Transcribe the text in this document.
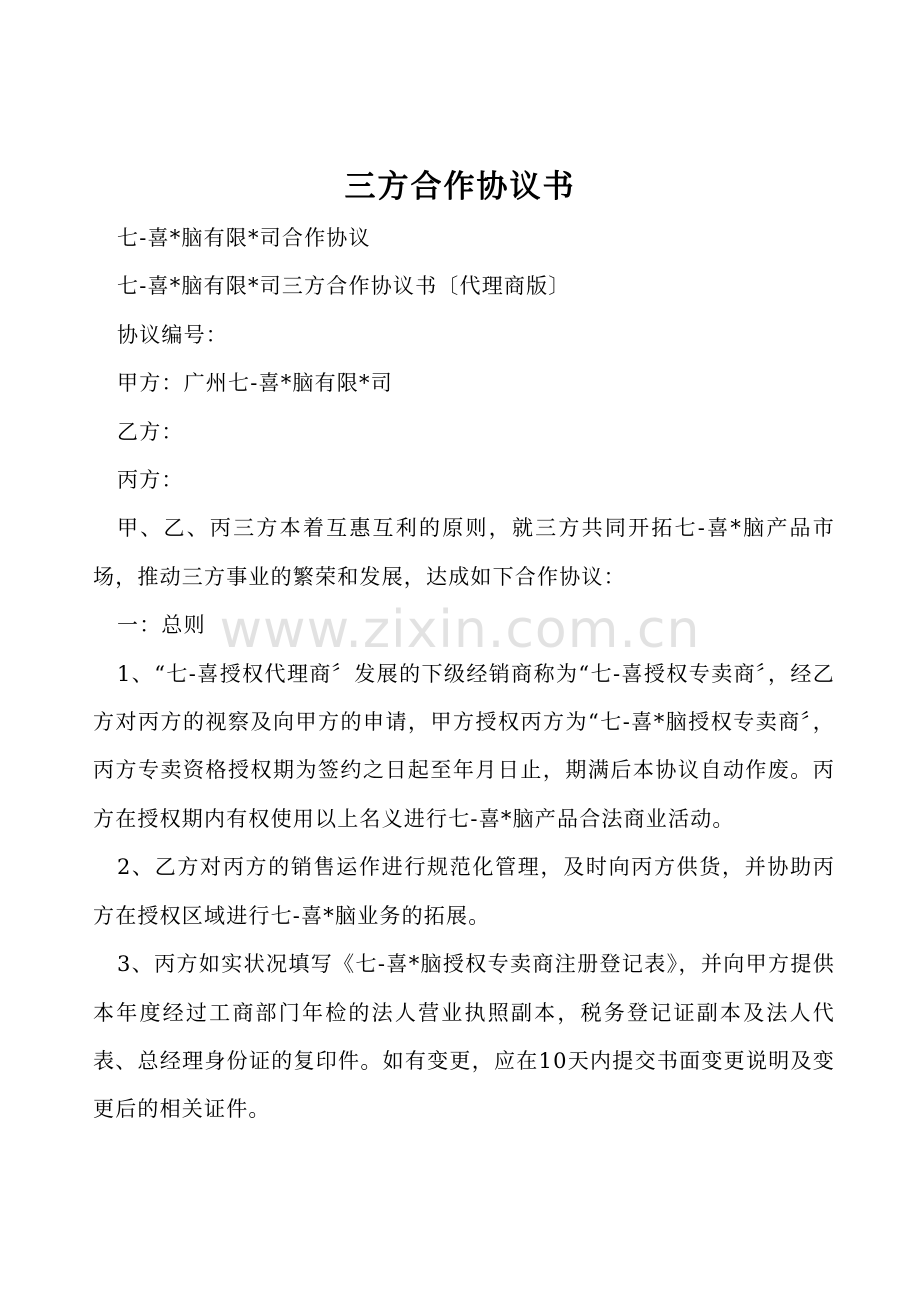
三方合作协议书

七-喜*脑有限*司合作协议

七-喜*脑有限*司三方合作协议书〔代理商版〕

协议编号：

甲方：广州七-喜*脑有限*司

乙方：

丙方：

甲、乙、丙三方本着互惠互利的原则，就三方共同开拓七-喜*脑产品市场，推动三方事业的繁荣和发展，达成如下合作协议：

一：总则

1、“七-喜授权代理商〞发展的下级经销商称为“七-喜授权专卖商〞，经乙方对丙方的视察及向甲方的申请，甲方授权丙方为“七-喜*脑授权专卖商〞，丙方专卖资格授权期为签约之日起至年月日止，期满后本协议自动作废。丙方在授权期内有权使用以上名义进行七-喜*脑产品合法商业活动。

2、乙方对丙方的销售运作进行规范化管理，及时向丙方供货，并协助丙方在授权区域进行七-喜*脑业务的拓展。

3、丙方如实状况填写《七-喜*脑授权专卖商注册登记表》，并向甲方提供本年度经过工商部门年检的法人营业执照副本，税务登记证副本及法人代表、总经理身份证的复印件。如有变更，应在10天内提交书面变更说明及变更后的相关证件。

www.zixin.com.cn
